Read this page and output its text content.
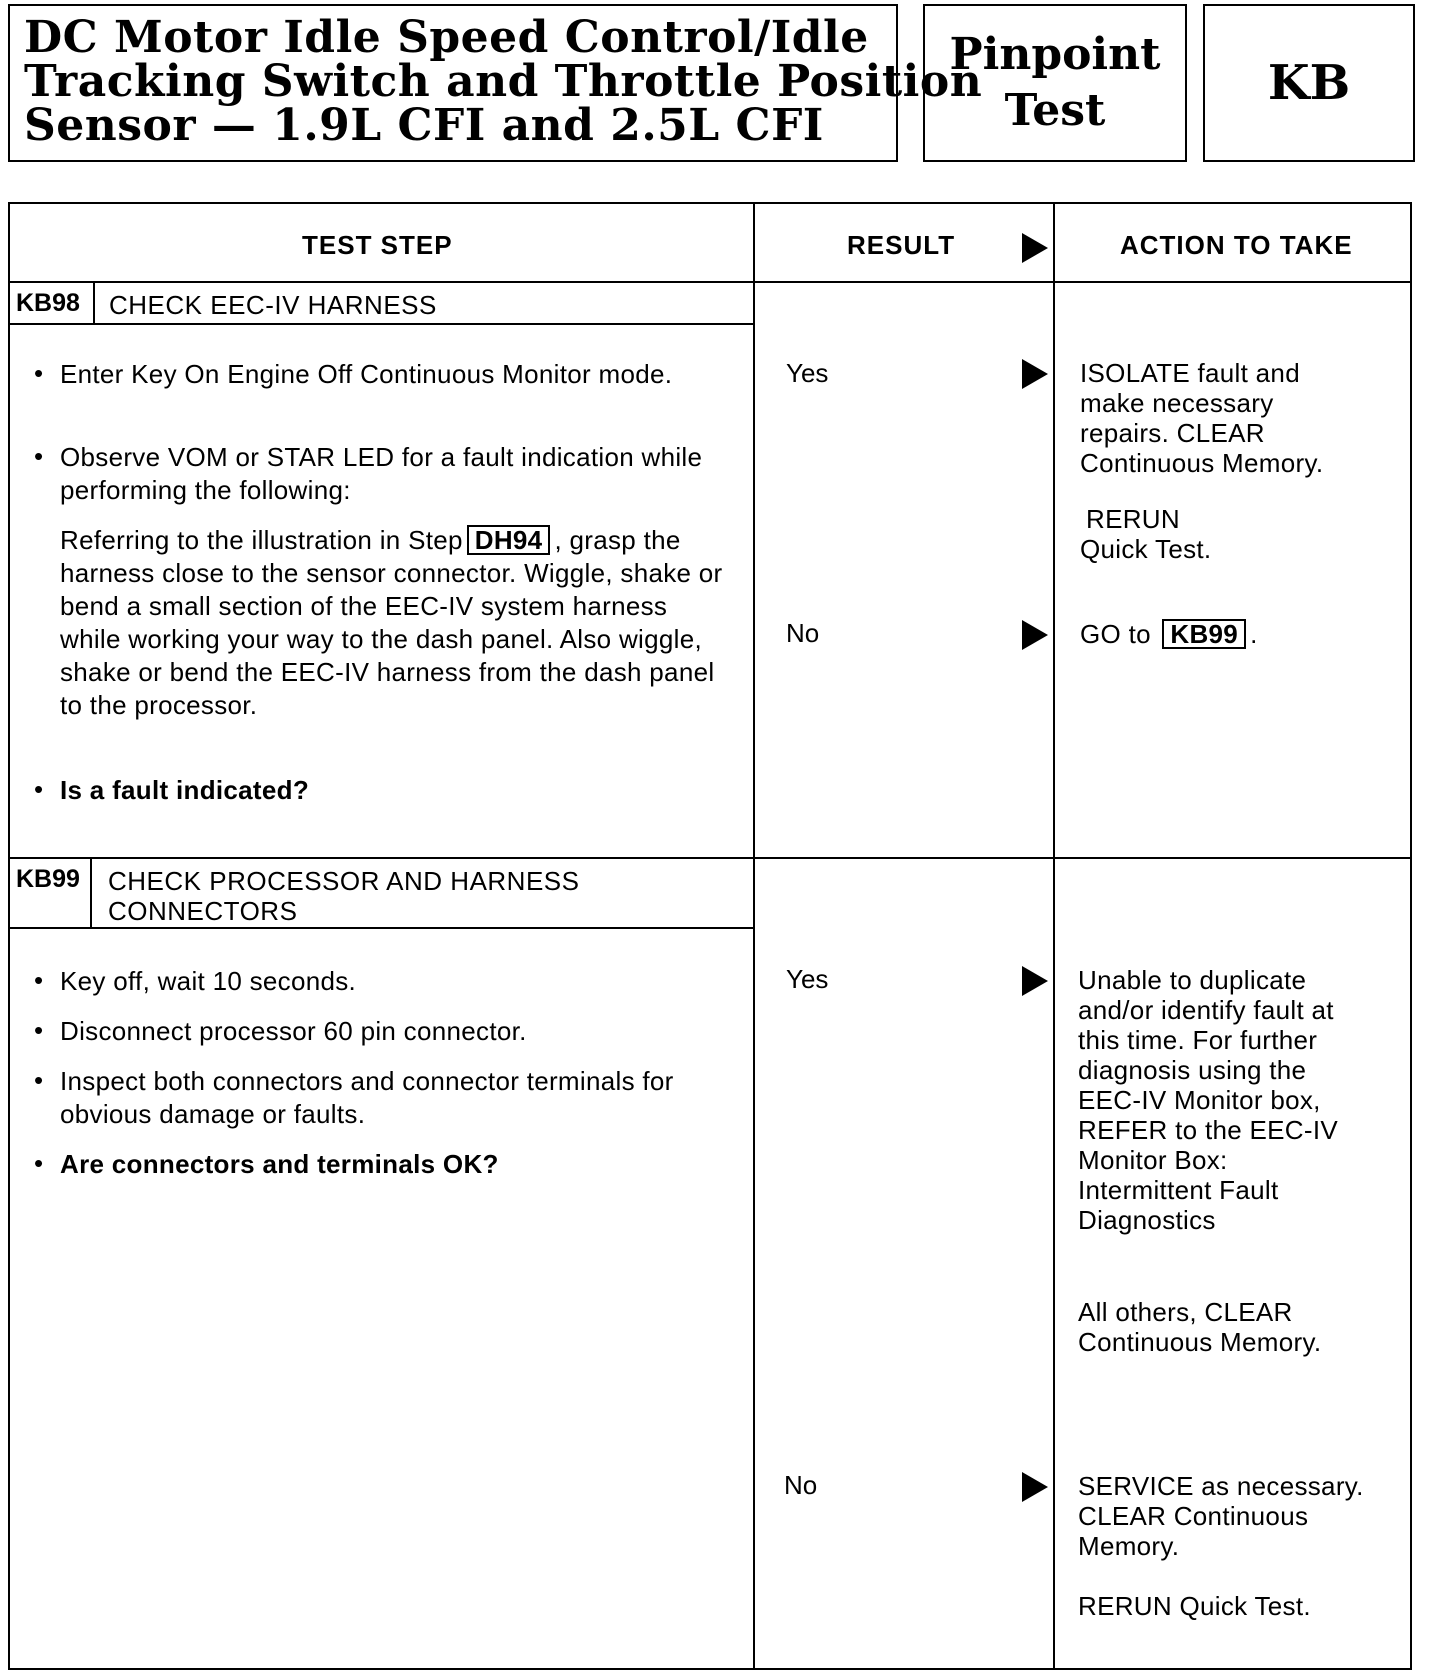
DC Motor Idle Speed Control/Idle
Tracking Switch and Throttle Position
Sensor — 1.9L CFI and 2.5L CFI
Pinpoint
Test	KB
TEST STEP	RESULT	ACTION TO TAKE
KB98	CHECK EEC-IV HARNESS
• Enter Key On Engine Off Continuous Monitor mode.
• Observe VOM or STAR LED for a fault indication while performing the following:
Referring to the illustration in Step DH94 , grasp the harness close to the sensor connector. Wiggle, shake or bend a small section of the EEC-IV system harness while working your way to the dash panel. Also wiggle, shake or bend the EEC-IV harness from the dash panel to the processor.
• Is a fault indicated?
Yes	ISOLATE fault and
make necessary
repairs. CLEAR
Continuous Memory.
RERUN
Quick Test.
No	GO to KB99 .
KB99	CHECK PROCESSOR AND HARNESS
CONNECTORS
• Key off, wait 10 seconds.
• Disconnect processor 60 pin connector.
• Inspect both connectors and connector terminals for obvious damage or faults.
• Are connectors and terminals OK?
Yes	Unable to duplicate
and/or identify fault at
this time. For further
diagnosis using the
EEC-IV Monitor box,
REFER to the EEC-IV
Monitor Box:
Intermittent Fault
Diagnostics
All others, CLEAR
Continuous Memory.
No	SERVICE as necessary.
CLEAR Continuous
Memory.
RERUN Quick Test.
